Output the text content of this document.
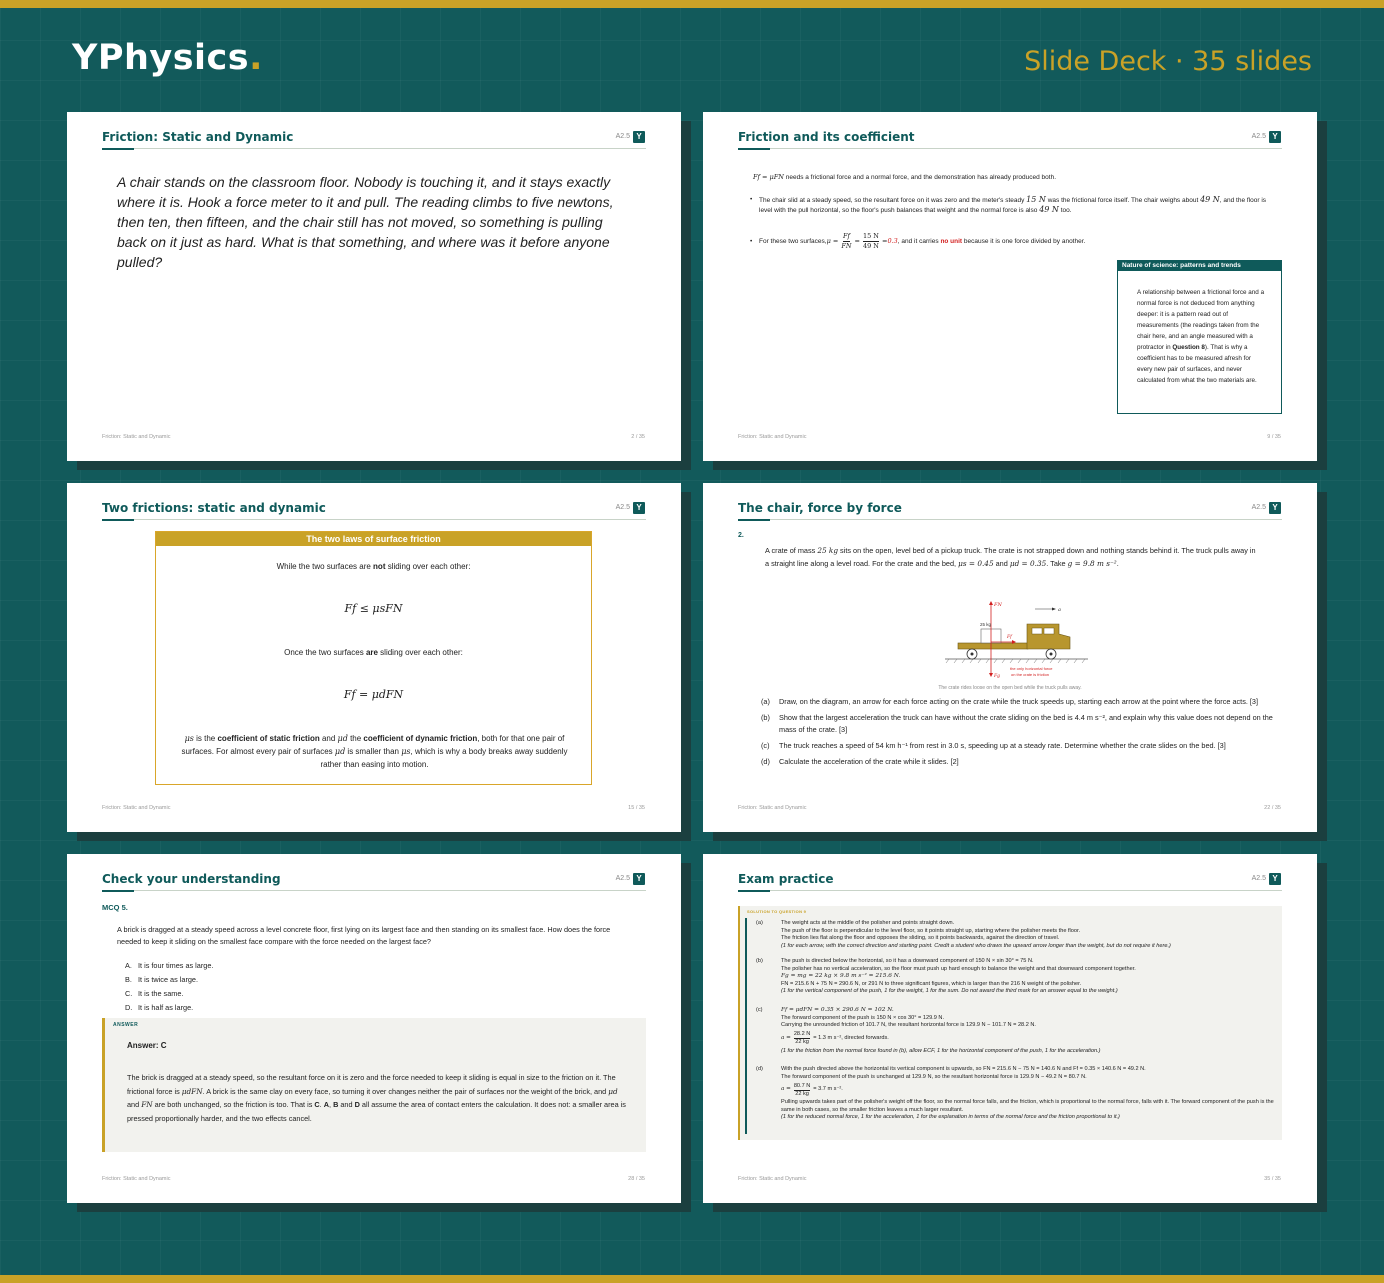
YPhysics.	Slide Deck · 35 slides
Friction: Static and Dynamic	A2.5 Y
A chair stands on the classroom floor. Nobody is touching it, and it stays exactly where it is. Hook a force meter to it and pull. The reading climbs to five newtons, then ten, then fifteen, and the chair still has not moved, so something is pulling back on it just as hard. What is that something, and where was it before anyone pulled?
Friction: Static and Dynamic	2 / 35
Friction and its coefficient	A2.5 Y
Ff = μFN needs a frictional force and a normal force, and the demonstration has already produced both.
• The chair slid at a steady speed, so the resultant force on it was zero and the meter's steady 15 N was the frictional force itself. The chair weighs about 49 N, and the floor is level with the pull horizontal, so the floor's push balances that weight and the normal force is also 49 N too.
• For these two surfaces, $\mu = \frac{Ff}{FN} = \frac{15 N}{49 N} = 0.3$ , and it carries no unit because it is one force divided by another.
Nature of science: patterns and trends
A relationship between a frictional force and a normal force is not deduced from anything deeper: it is a pattern read out of measurements (the readings taken from the chair here, and an angle measured with a protractor in Question 8). That is why a coefficient has to be measured afresh for every new pair of surfaces, and never calculated from what the two materials are.
Friction: Static and Dynamic	9 / 35
Two frictions: static and dynamic	A2.5 Y
The two laws of surface friction
While the two surfaces are not sliding over each other:
Ff ≤ μsFN
Once the two surfaces are sliding over each other:
Ff = μdFN
μs is the coefficient of static friction and μd the coefficient of dynamic friction, both for that one pair of surfaces. For almost every pair of surfaces μd is smaller than μs, which is why a body breaks away suddenly rather than easing into motion.
Friction: Static and Dynamic	15 / 35
The chair, force by force	A2.5 Y
2.
A crate of mass 25 kg sits on the open, level bed of a pickup truck. The crate is not strapped down and nothing stands behind it. The truck pulls away in a straight line along a level road. For the crate and the bed, μs = 0.45 and μd = 0.35. Take g = 9.8 m s⁻².
FN
a
25 kg
Ff
Fg
the only horizontal force
on the crate is friction
The crate rides loose on the open bed while the truck pulls away.
(a) Draw, on the diagram, an arrow for each force acting on the crate while the truck speeds up, starting each arrow at the point where the force acts. [3]
(b) Show that the largest acceleration the truck can have without the crate sliding on the bed is 4.4 m s⁻², and explain why this value does not depend on the mass of the crate. [3]
(c) The truck reaches a speed of 54 km h⁻¹ from rest in 3.0 s, speeding up at a steady rate. Determine whether the crate slides on the bed. [3]
(d) Calculate the acceleration of the crate while it slides. [2]
Friction: Static and Dynamic	22 / 35
Check your understanding	A2.5 Y
MCQ 5.
A brick is dragged at a steady speed across a level concrete floor, first lying on its largest face and then standing on its smallest face. How does the force needed to keep it sliding on the smallest face compare with the force needed on the largest face?
A. It is four times as large.
B. It is twice as large.
C. It is the same.
D. It is half as large.
ANSWER
Answer: C
The brick is dragged at a steady speed, so the resultant force on it is zero and the force needed to keep it sliding is equal in size to the friction on it. The frictional force is μdFN. A brick is the same clay on every face, so turning it over changes neither the pair of surfaces nor the weight of the brick, and μd and FN are both unchanged, so the friction is too. That is C. A, B and D all assume the area of contact enters the calculation. It does not: a smaller area is pressed proportionally harder, and the two effects cancel.
Friction: Static and Dynamic	28 / 35
Exam practice	A2.5 Y
SOLUTION TO QUESTION 9
(a)	The weight acts at the middle of the polisher and points straight down.
The push of the floor is perpendicular to the level floor, so it points straight up, starting where the polisher meets the floor.
The friction lies flat along the floor and opposes the sliding, so it points backwards, against the direction of travel.
(1 for each arrow, with the correct direction and starting point. Credit a student who draws the upward arrow longer than the weight, but do not require it here.)
(b)	The push is directed below the horizontal, so it has a downward component of 150 N × sin 30° = 75 N.
The polisher has no vertical acceleration, so the floor must push up hard enough to balance the weight and that downward component together.
Fg = mg = 22 kg × 9.8 m s⁻² = 215.6 N.
FN = 215.6 N + 75 N = 290.6 N, or 291 N to three significant figures, which is larger than the 216 N weight of the polisher.
(1 for the vertical component of the push, 1 for the weight, 1 for the sum. Do not award the third mark for an answer equal to the weight.)
(c)	Ff = μdFN = 0.35 × 290.6 N = 102 N.
The forward component of the push is 150 N × cos 30° = 129.9 N.
Carrying the unrounded friction of 101.7 N, the resultant horizontal force is 129.9 N − 101.7 N = 28.2 N.
$a = \frac{28.2 N}{22 kg} = 1.3$ m s⁻², directed forwards.
(1 for the friction from the normal force found in (b), allow ECF, 1 for the horizontal component of the push, 1 for the acceleration.)
(d)	With the push directed above the horizontal its vertical component is upwards, so FN = 215.6 N − 75 N = 140.6 N and Ff = 0.35 × 140.6 N = 49.2 N.
The forward component of the push is unchanged at 129.9 N, so the resultant horizontal force is 129.9 N − 49.2 N = 80.7 N.
$a = \frac{80.7 N}{22 kg} = 3.7$ m s⁻².
Pulling upwards takes part of the polisher's weight off the floor, so the normal force falls, and the friction, which is proportional to the normal force, falls with it. The forward component of the push is the same in both cases, so the smaller friction leaves a much larger resultant.
(1 for the reduced normal force, 1 for the acceleration, 1 for the explanation in terms of the normal force and the friction proportional to it.)
Friction: Static and Dynamic	35 / 35
